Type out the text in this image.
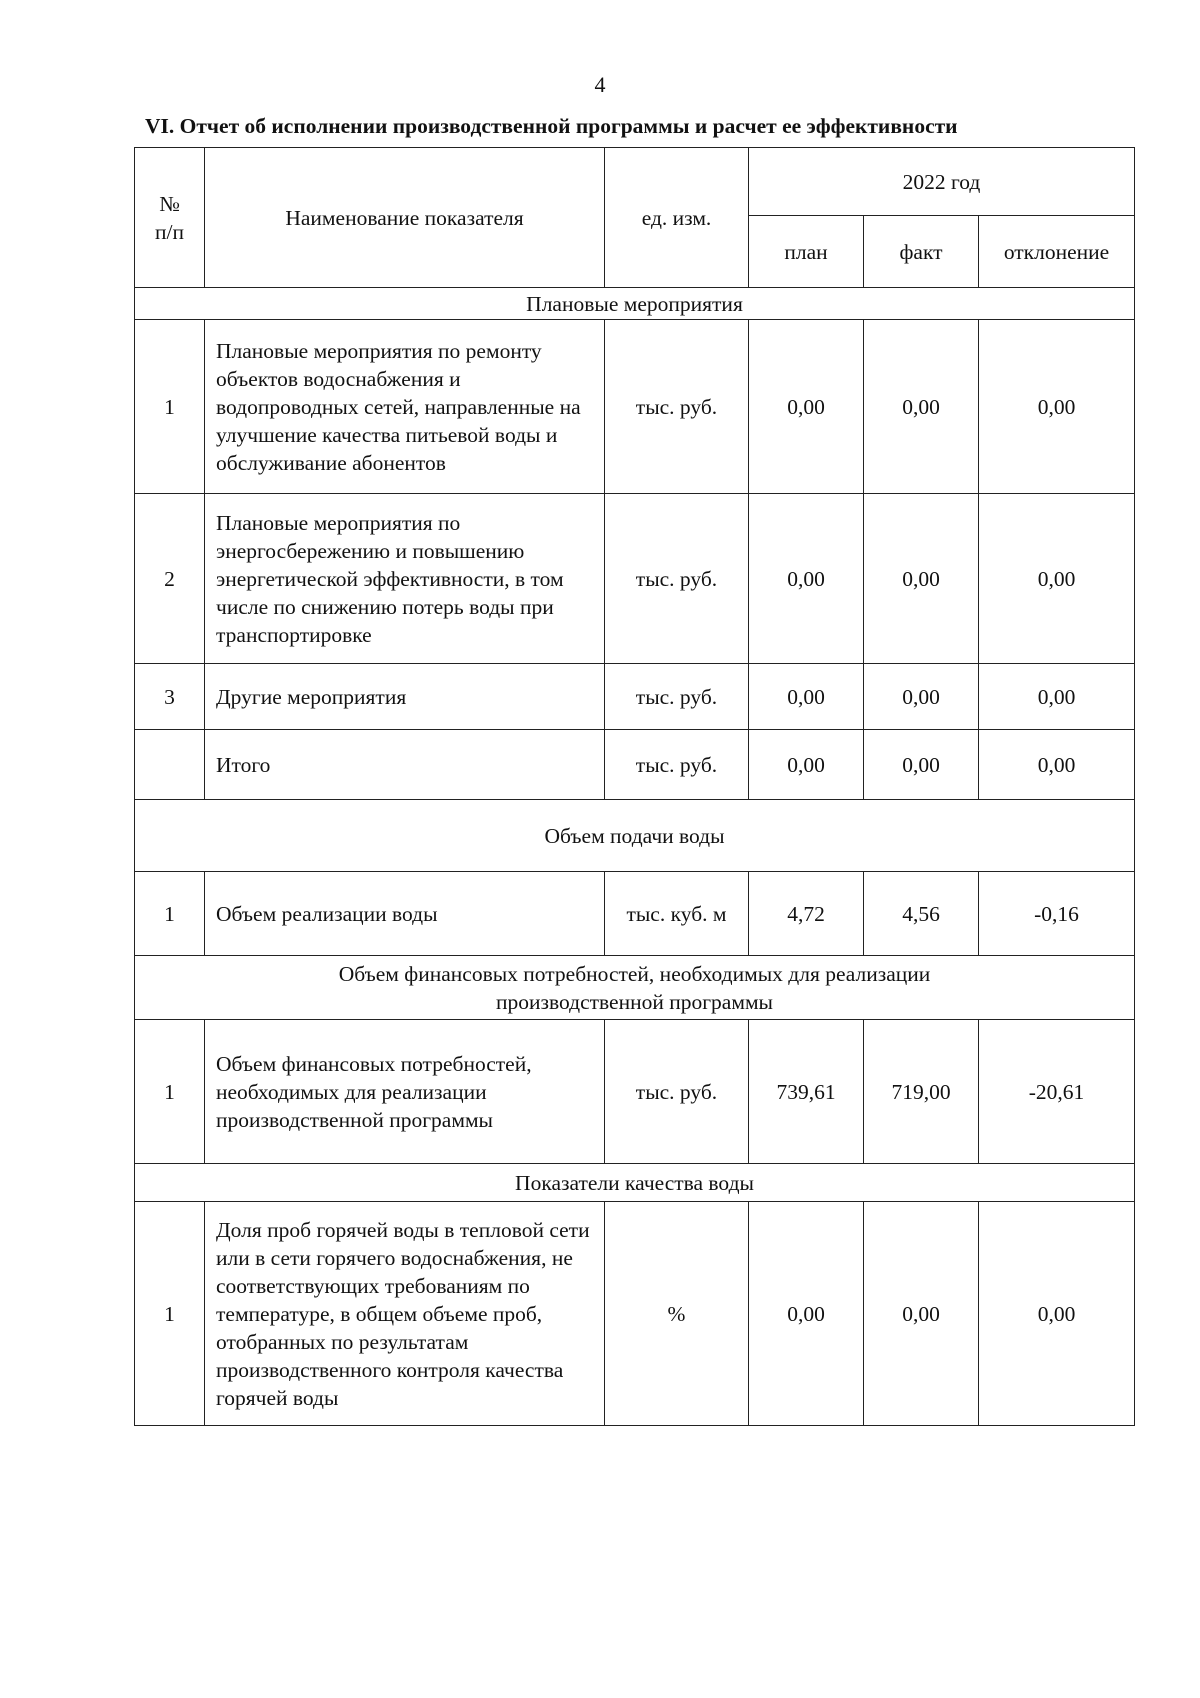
4
VI. Отчет об исполнении производственной программы и расчет ее эффективности
№
п/п	Наименование показателя	ед. изм.	2022 год		
			план	факт	отклонение
Плановые мероприятия					
1	Плановые мероприятия по ремонту объектов водоснабжения и водопроводных сетей, направленные на улучшение качества питьевой воды и обслуживание абонентов	тыс. руб.	0,00	0,00	0,00
2	Плановые мероприятия по энергосбережению и повышению энергетической эффективности, в том числе по снижению потерь воды при транспортировке	тыс. руб.	0,00	0,00	0,00
3	Другие мероприятия	тыс. руб.	0,00	0,00	0,00
	Итого	тыс. руб.	0,00	0,00	0,00
Объем подачи воды					
1	Объем реализации воды	тыс. куб. м	4,72	4,56	-0,16
Объем финансовых потребностей, необходимых для реализации производственной программы					
1	Объем финансовых потребностей, необходимых для реализации производственной программы	тыс. руб.	739,61	719,00	-20,61
Показатели качества воды					
1	Доля проб горячей воды в тепловой сети или в сети горячего водоснабжения, не соответствующих требованиям по температуре, в общем объеме проб, отобранных по результатам производственного контроля качества горячей воды	%	0,00	0,00	0,00
